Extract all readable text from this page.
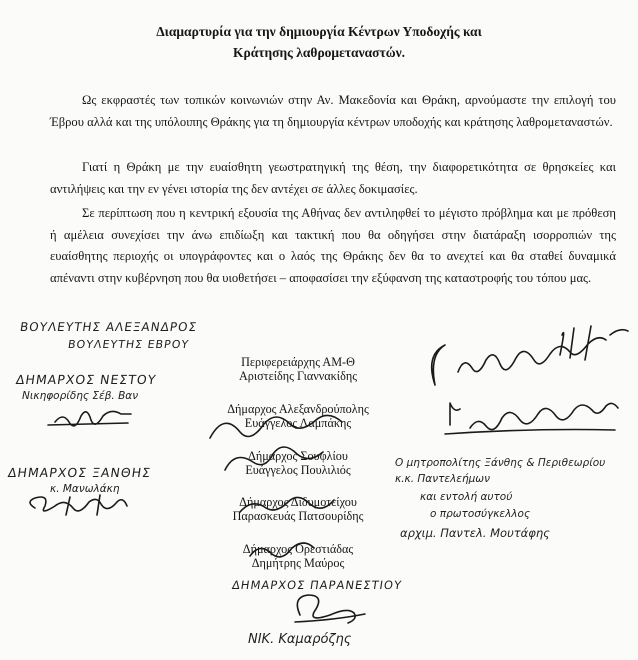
Διαμαρτυρία για την δημιουργία Κέντρων Υποδοχής και
Κράτησης λαθρομεταναστών.
Ως εκφραστές των τοπικών κοινωνιών στην Αν. Μακεδονία και Θράκη, αρνούμαστε την επιλογή του Έβρου αλλά και της υπόλοιπης Θράκης για τη δημιουργία κέντρων υποδοχής και κράτησης λαθρομεταναστών.
Γιατί η Θράκη με την ευαίσθητη γεωστρατηγική της θέση, την διαφορετικότητα σε θρησκείες και αντιλήψεις και την εν γένει ιστορία της δεν αντέχει σε άλλες δοκιμασίες.
Σε περίπτωση που η κεντρική εξουσία της Αθήνας δεν αντιληφθεί το μέγιστο πρόβλημα και με πρόθεση ή αμέλεια συνεχίσει την άνω επιδίωξη και τακτική που θα οδηγήσει στην διατάραξη ισορροπιών της ευαίσθητης περιοχής οι υπογράφοντες και ο λαός της Θράκης δεν θα το ανεχτεί και θα σταθεί δυναμικά απέναντι στην κυβέρνηση που θα υιοθετήσει – αποφασίσει την εξύφανση της καταστροφής του τόπου μας.
Περιφερειάρχης ΑΜ-Θ
Αριστείδης Γιαννακίδης
Δήμαρχος Αλεξανδρούπολης
Ευάγγελος Λαμπάκης
Δήμαρχος Σουφλίου
Ευάγγελος Πουλιλιός
Δήμαρχος Διδυμοτείχου
Παρασκευάς Πατσουρίδης
Δήμαρχος Ορεστιάδας
Δημήτρης Μαύρος
ΒΟΥΛΕΥΤΗΣ ΑΛΕΞΑΝΔΡΟΣ
ΒΟΥΛΕΥΤΗΣ ΕΒΡΟΥ
ΔΗΜΑΡΧΟΣ ΝΕΣΤΟΥ
Νικηφορίδης Σέβ. Βαν
ΔΗΜΑΡΧΟΣ ΞΑΝΘΗΣ
κ. Μανωλάκη
Ο μητροπολίτης Ξάνθης & Περιθεωρίου κ.κ. Παντελεήμων
και εντολή αυτού
ο πρωτοσύγκελλος
αρχιμ. Παντελ. Μουτάφης
ΔΗΜΑΡΧΟΣ ΠΑΡΑΝΕΣΤΙΟΥ
ΝΙΚ. Καμαρόζης
